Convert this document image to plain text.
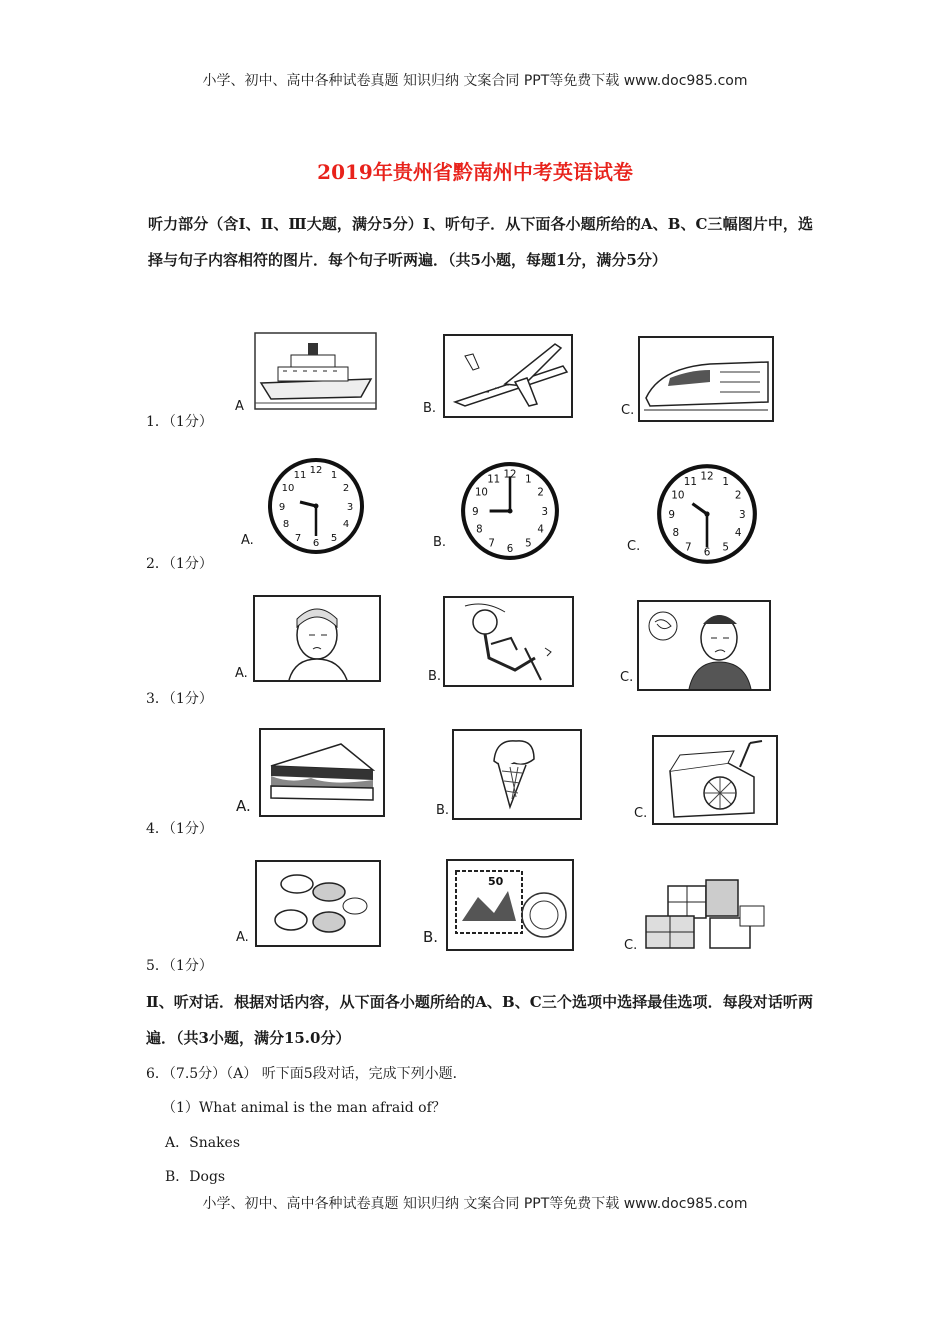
小学、初中、高中各种试卷真题 知识归纳 文案合同 PPT等免费下载 www.doc985.com
2019年贵州省黔南州中考英语试卷
听力部分（含Ⅰ、Ⅱ、Ⅲ大题，满分5分）Ⅰ、听句子．从下面各小题所给的A、B、C三幅图片中，选择与句子内容相符的图片．每个句子听两遍．（共5小题，每题1分，满分5分）
1．（1分）
A	B.	C.
2．（1分）
A.
12 1
2
3
4
5
6
7
8
9
10
11
B.
12 1
2
3
4
5
6
7
8
9
10
11
C.
12 1
2
3
4
5
6
7
8
9
10
11
3．（1分）
A.	B.	C.
4．（1分）
A.	B.	C.
5．（1分）
A.	B.
50
C.
Ⅱ、听对话．根据对话内容，从下面各小题所给的A、B、C三个选项中选择最佳选项．每段对话听两遍．（共3小题，满分15.0分）
6．（7.5分）（A） 听下面5段对话，完成下列小题．
（1）What animal is the man afraid of？
A．Snakes
B．Dogs
小学、初中、高中各种试卷真题 知识归纳 文案合同 PPT等免费下载 www.doc985.com
